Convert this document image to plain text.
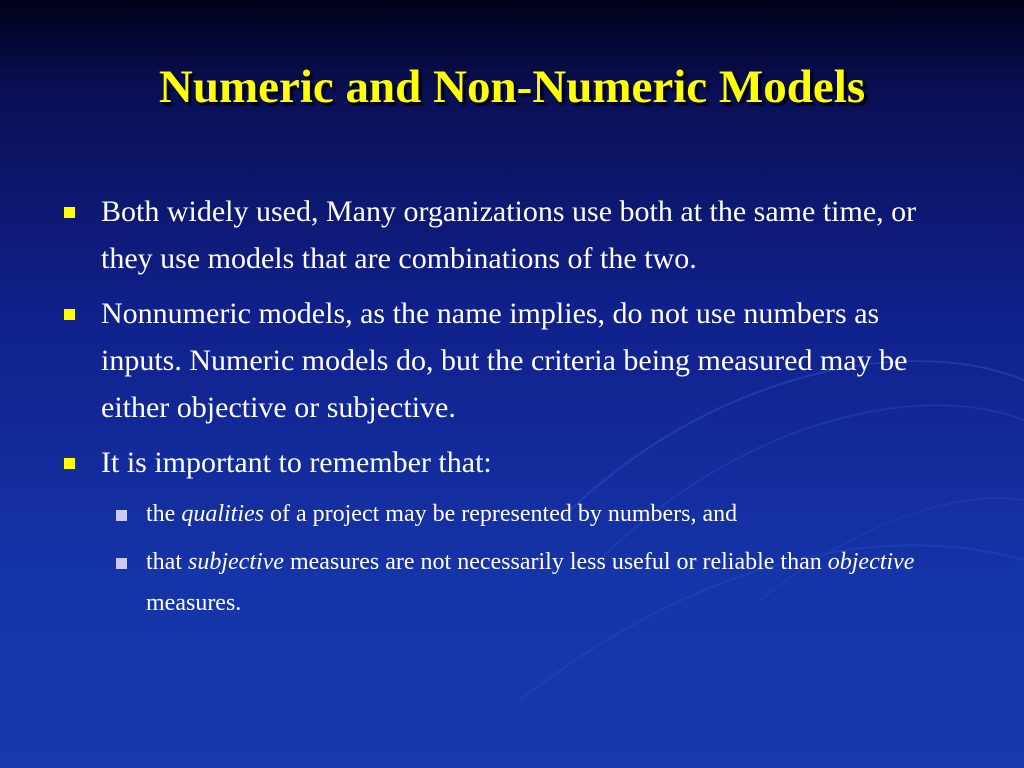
Numeric and Non-Numeric Models
Both widely used, Many organizations use both at the same time, or they use models that are combinations of the two.
Nonnumeric models, as the name implies, do not use numbers as inputs. Numeric models do, but the criteria being measured may be either objective or subjective.
It is important to remember that:
the qualities of a project may be represented by numbers, and
that subjective measures are not necessarily less useful or reliable than objective measures.
